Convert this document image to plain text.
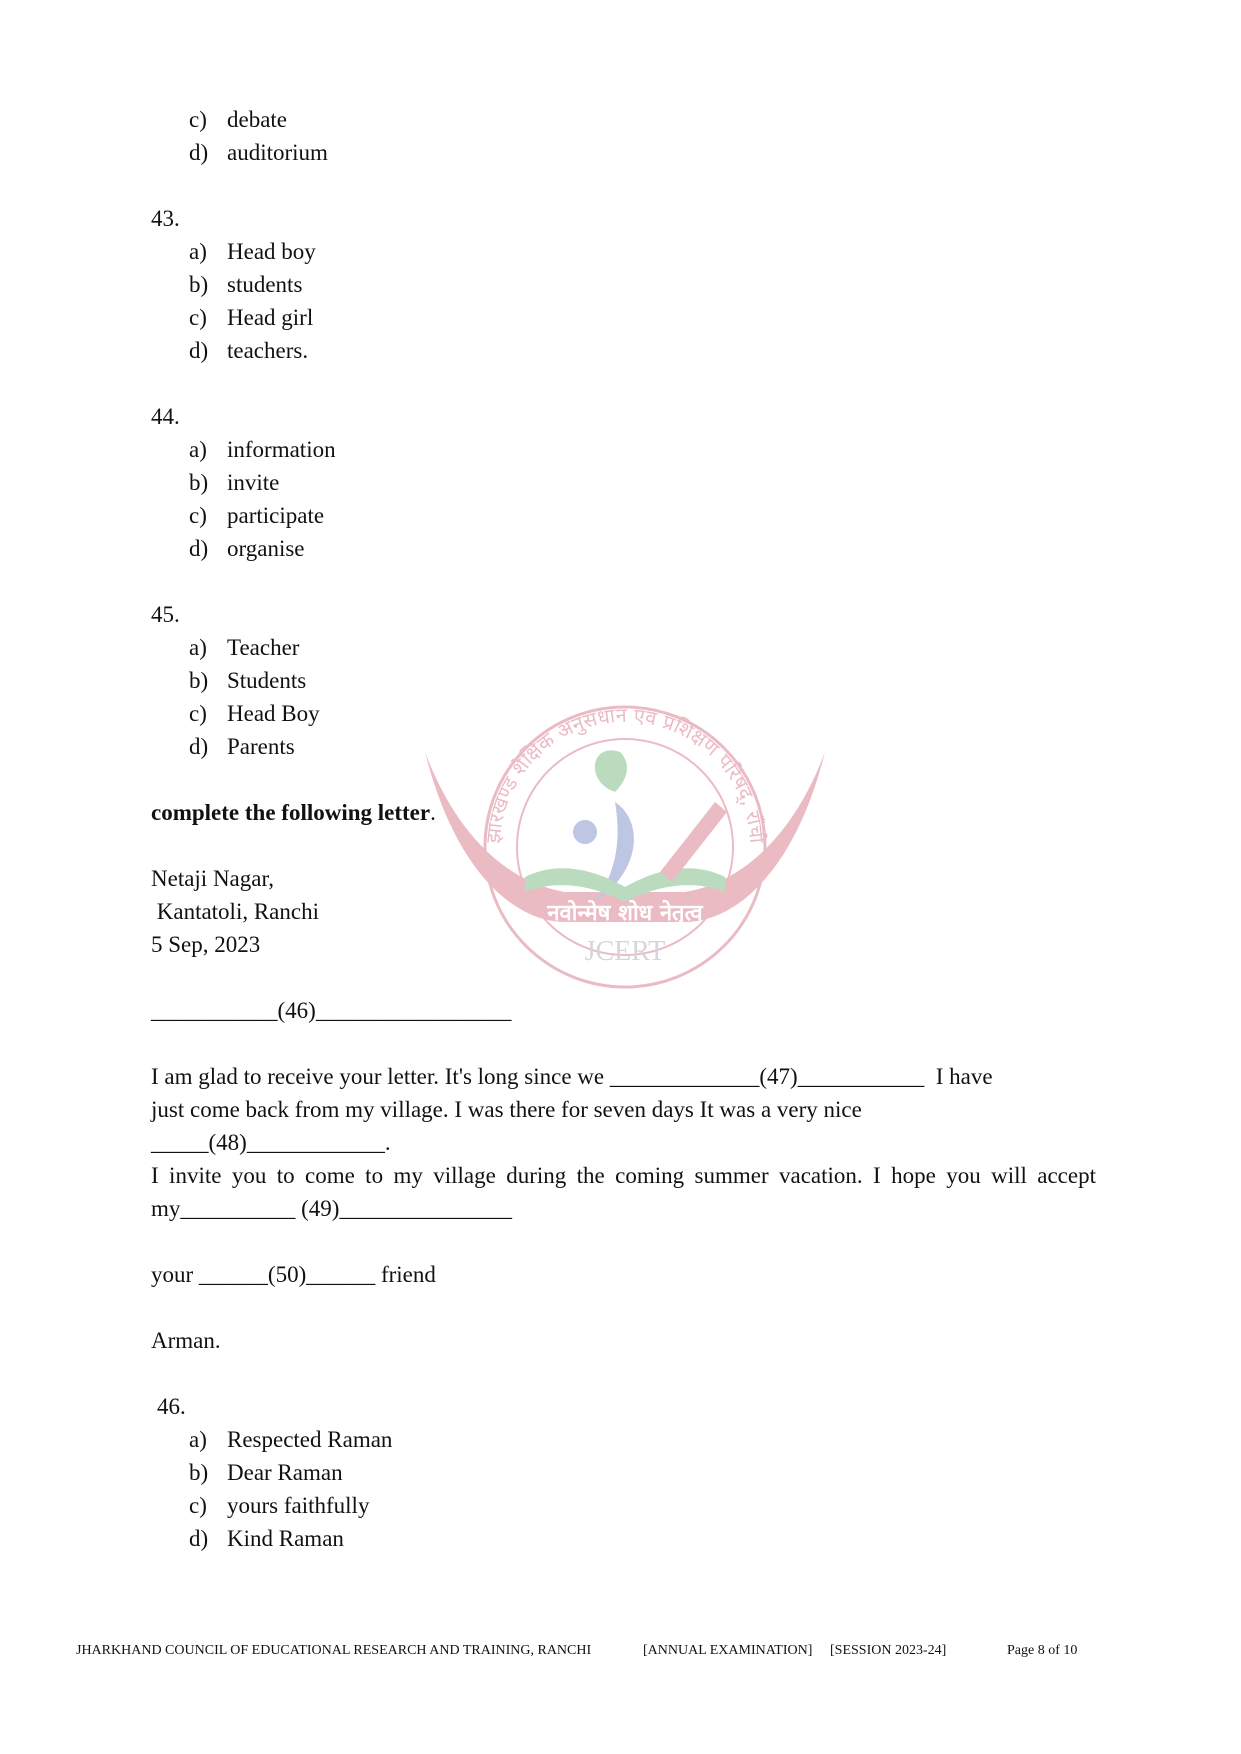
झारखण्ड शैक्षिक अनुसंधान एवं प्रशिक्षण परिषद्, राँची
नवोन्मेष शोध नेतृत्व
JCERT
c) debate
d) auditorium

43.

a) Head boy
b) students
c) Head girl
d) teachers.

44.

a) information
b) invite
c) participate
d) organise

45.

a) Teacher
b) Students
c) Head Boy
d) Parents

complete the following letter.

Netaji Nagar,
Kantatoli, Ranchi
5 Sep, 2023

___________(46)_________________

I am glad to receive your letter. It's long since we _____________(47)___________  I have
just come back from my village. I was there for seven days It was a very nice
_____(48)____________.

I invite you to come to my village during the coming summer vacation. I hope you will accept my__________ (49)_______________

your ______(50)______ friend

Arman.

46.

a) Respected Raman
b) Dear Raman
c) yours faithfully
d) Kind Raman
JHARKHAND COUNCIL OF EDUCATIONAL RESEARCH AND TRAINING, RANCHI	[ANNUAL EXAMINATION] [SESSION 2023-24]	Page 8 of 10
